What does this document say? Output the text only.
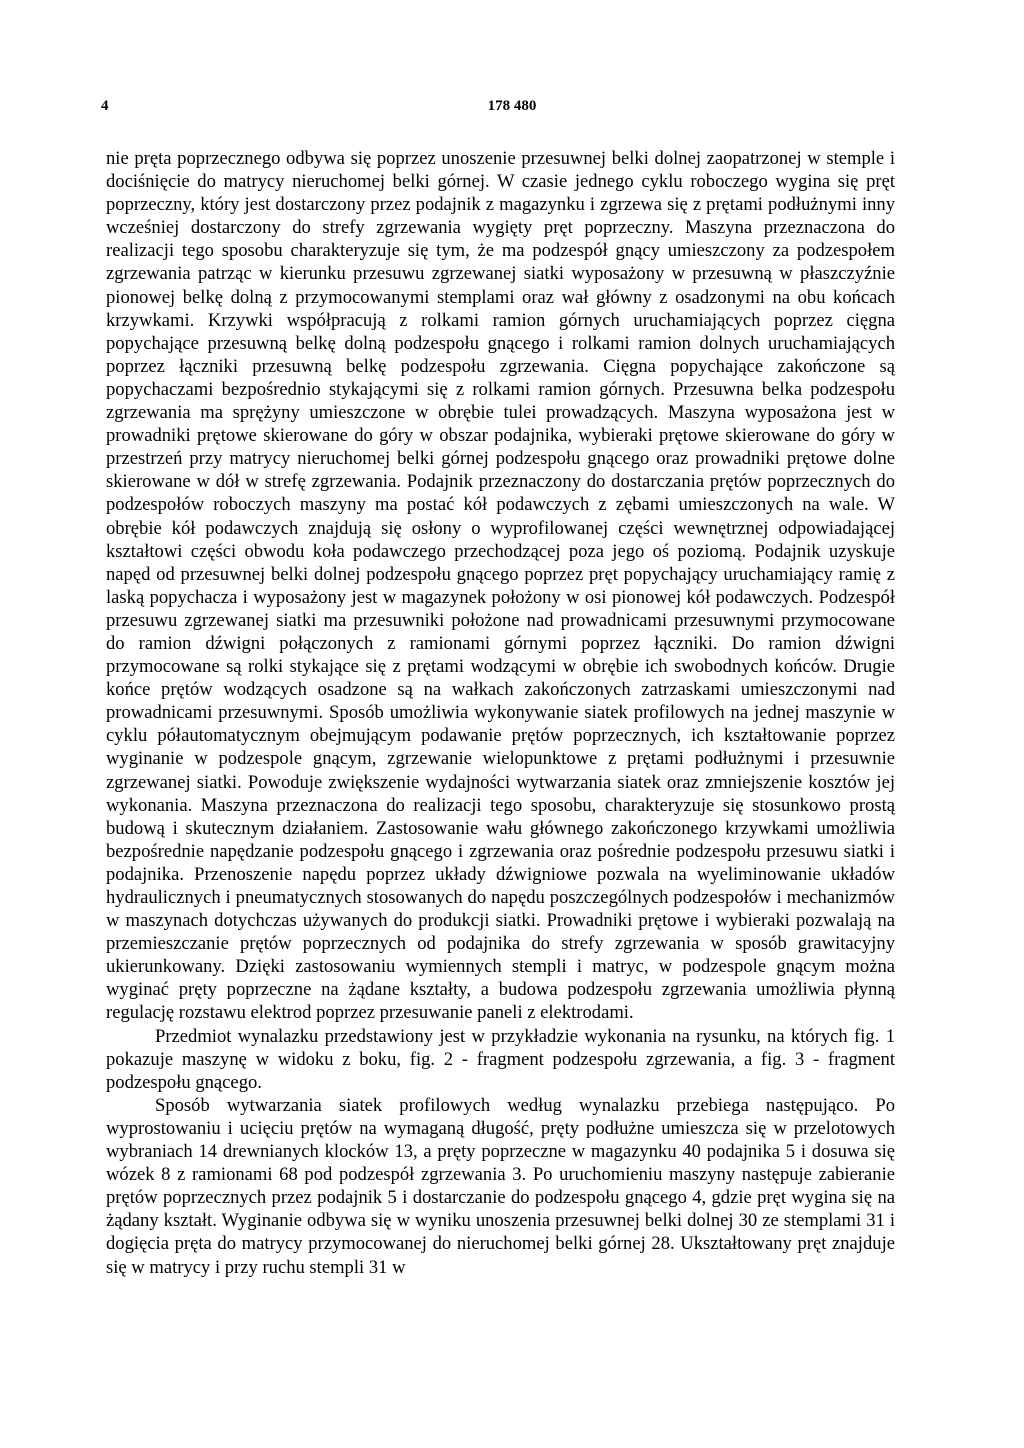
4	178 480

nie pręta poprzecznego odbywa się poprzez unoszenie przesuwnej belki dolnej zaopatrzonej w stemple i dociśnięcie do matrycy nieruchomej belki górnej. W czasie jednego cyklu roboczego wygina się pręt poprzeczny, który jest dostarczony przez podajnik z magazynku i zgrzewa się z prętami podłużnymi inny wcześniej dostarczony do strefy zgrzewania wygięty pręt poprzeczny. Maszyna przeznaczona do realizacji tego sposobu charakteryzuje się tym, że ma podzespół gnący umieszczony za podzespołem zgrzewania patrząc w kierunku przesuwu zgrzewanej siatki wyposażony w przesuwną w płaszczyźnie pionowej belkę dolną z przymocowanymi stemplami oraz wał główny z osadzonymi na obu końcach krzywkami. Krzywki współpracują z rolkami ramion górnych uruchamiających poprzez cięgna popychające przesuwną belkę dolną podzespołu gnącego i rolkami ramion dolnych uruchamiających poprzez łączniki przesuwną belkę podzespołu zgrzewania. Cięgna popychające zakończone są popychaczami bezpośrednio stykającymi się z rolkami ramion górnych. Przesuwna belka podzespołu zgrzewania ma sprężyny umieszczone w obrębie tulei prowadzących. Maszyna wyposażona jest w prowadniki prętowe skierowane do góry w obszar podajnika, wybieraki prętowe skierowane do góry w przestrzeń przy matrycy nieruchomej belki górnej podzespołu gnącego oraz prowadniki prętowe dolne skierowane w dół w strefę zgrzewania. Podajnik przeznaczony do dostarczania prętów poprzecznych do podzespołów roboczych maszyny ma postać kół podawczych z zębami umieszczonych na wale. W obrębie kół podawczych znajdują się osłony o wyprofilowanej części wewnętrznej odpowiadającej kształtowi części obwodu koła podawczego przechodzącej poza jego oś poziomą. Podajnik uzyskuje napęd od przesuwnej belki dolnej podzespołu gnącego poprzez pręt popychający uruchamiający ramię z laską popychacza i wyposażony jest w magazynek położony w osi pionowej kół podawczych. Podzespół przesuwu zgrzewanej siatki ma przesuwniki położone nad prowadnicami przesuwnymi przymocowane do ramion dźwigni połączonych z ramionami górnymi poprzez łączniki. Do ramion dźwigni przymocowane są rolki stykające się z prętami wodzącymi w obrębie ich swobodnych końców. Drugie końce prętów wodzących osadzone są na wałkach zakończonych zatrzaskami umieszczonymi nad prowadnicami przesuwnymi. Sposób umożliwia wykonywanie siatek profilowych na jednej maszynie w cyklu półautomatycznym obejmującym podawanie prętów poprzecznych, ich kształtowanie poprzez wyginanie w podzespole gnącym, zgrzewanie wielopunktowe z prętami podłużnymi i przesuwnie zgrzewanej siatki. Powoduje zwiększenie wydajności wytwarzania siatek oraz zmniejszenie kosztów jej wykonania. Maszyna przeznaczona do realizacji tego sposobu, charakteryzuje się stosunkowo prostą budową i skutecznym działaniem. Zastosowanie wału głównego zakończonego krzywkami umożliwia bezpośrednie napędzanie podzespołu gnącego i zgrzewania oraz pośrednie podzespołu przesuwu siatki i podajnika. Przenoszenie napędu poprzez układy dźwigniowe pozwala na wyeliminowanie układów hydraulicznych i pneumatycznych stosowanych do napędu poszczególnych podzespołów i mechanizmów w maszynach dotychczas używanych do produkcji siatki. Prowadniki prętowe i wybieraki pozwalają na przemieszczanie prętów poprzecznych od podajnika do strefy zgrzewania w sposób grawitacyjny ukierunkowany. Dzięki zastosowaniu wymiennych stempli i matryc, w podzespole gnącym można wyginać pręty poprzeczne na żądane kształty, a budowa podzespołu zgrzewania umożliwia płynną regulację rozstawu elektrod poprzez przesuwanie paneli z elektrodami.

Przedmiot wynalazku przedstawiony jest w przykładzie wykonania na rysunku, na których fig. 1 pokazuje maszynę w widoku z boku, fig. 2 - fragment podzespołu zgrzewania, a fig. 3 - fragment podzespołu gnącego.

Sposób wytwarzania siatek profilowych według wynalazku przebiega następująco. Po wyprostowaniu i ucięciu prętów na wymaganą długość, pręty podłużne umieszcza się w przelotowych wybraniach 14 drewnianych klocków 13, a pręty poprzeczne w magazynku 40 podajnika 5 i dosuwa się wózek 8 z ramionami 68 pod podzespół zgrzewania 3. Po uruchomieniu maszyny następuje zabieranie prętów poprzecznych przez podajnik 5 i dostarczanie do podzespołu gnącego 4, gdzie pręt wygina się na żądany kształt. Wyginanie odbywa się w wyniku unoszenia przesuwnej belki dolnej 30 ze stemplami 31 i dogięcia pręta do matrycy przymocowanej do nieruchomej belki górnej 28. Ukształtowany pręt znajduje się w matrycy i przy ruchu stempli 31 w
